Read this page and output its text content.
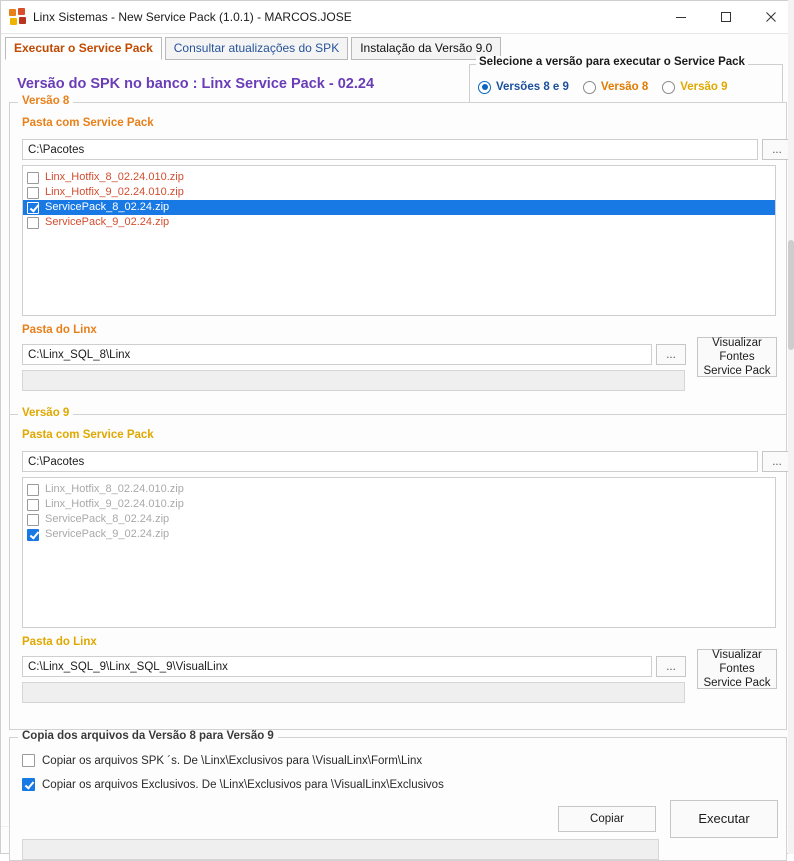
Linx Sistemas - New Service Pack (1.0.1) - MARCOS.JOSE
Executar o Service Pack	Consultar atualizações do SPK	Instalação da Versão 9.0
Versão do SPK no banco : Linx Service Pack - 02.24
Selecione a versão para executar o Service Pack
Versões 8 e 9	Versão 8	Versão 9
Versão 8
Pasta com Service Pack
C:\Pacotes
...
Linx_Hotfix_8_02.24.010.zip
Linx_Hotfix_9_02.24.010.zip
ServicePack_8_02.24.zip
ServicePack_9_02.24.zip
Pasta do Linx
C:\Linx_SQL_8\Linx
...
Visualizar
Fontes
Service Pack
Versão 9
Pasta com Service Pack
C:\Pacotes
...
Linx_Hotfix_8_02.24.010.zip
Linx_Hotfix_9_02.24.010.zip
ServicePack_8_02.24.zip
ServicePack_9_02.24.zip
Pasta do Linx
C:\Linx_SQL_9\Linx_SQL_9\VisualLinx
...
Visualizar
Fontes
Service Pack
Copia dos arquivos da Versão 8 para Versão 9
Copiar os arquivos SPK ´s. De \Linx\Exclusivos para \VisualLinx\Form\Linx
Copiar os arquivos Exclusivos. De \Linx\Exclusivos para \VisualLinx\Exclusivos
Copiar	Executar
